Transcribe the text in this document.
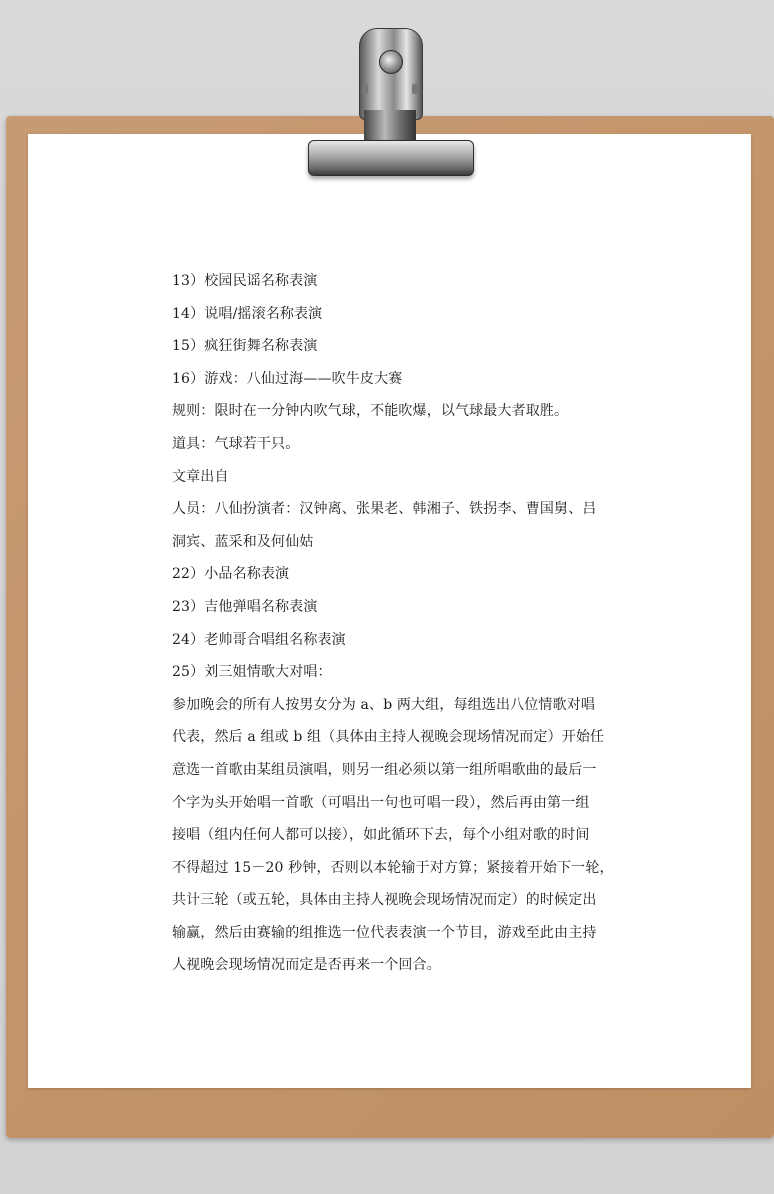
13）校园民谣名称表演
14）说唱/摇滚名称表演
15）疯狂街舞名称表演
16）游戏：八仙过海——吹牛皮大赛
规则：限时在一分钟内吹气球，不能吹爆，以气球最大者取胜。
道具：气球若干只。
文章出自
人员：八仙扮演者：汉钟离、张果老、韩湘子、铁拐李、曹国舅、吕
洞宾、蓝采和及何仙姑
22）小品名称表演
23）吉他弹唱名称表演
24）老帅哥合唱组名称表演
25）刘三姐情歌大对唱：
参加晚会的所有人按男女分为 a、b 两大组，每组选出八位情歌对唱
代表，然后 a 组或 b 组（具体由主持人视晚会现场情况而定）开始任
意选一首歌由某组员演唱，则另一组必须以第一组所唱歌曲的最后一
个字为头开始唱一首歌（可唱出一句也可唱一段），然后再由第一组
接唱（组内任何人都可以接），如此循环下去，每个小组对歌的时间
不得超过 15－20 秒钟，否则以本轮输于对方算；紧接着开始下一轮，
共计三轮（或五轮，具体由主持人视晚会现场情况而定）的时候定出
输赢，然后由赛输的组推选一位代表表演一个节目，游戏至此由主持
人视晚会现场情况而定是否再来一个回合。
